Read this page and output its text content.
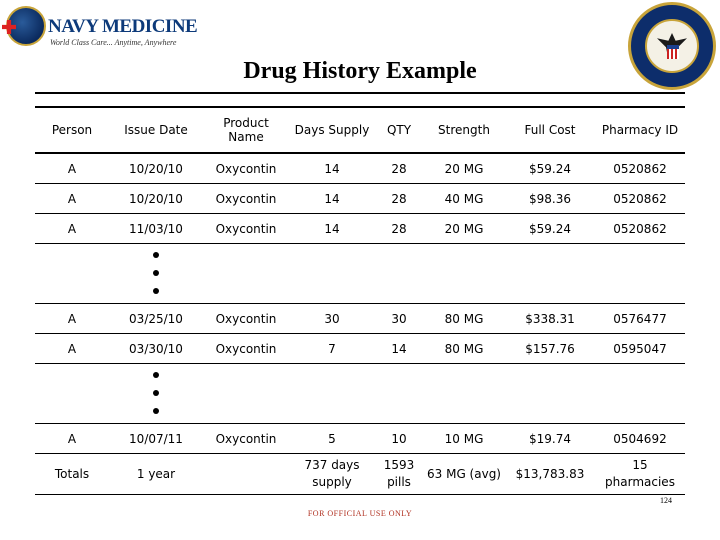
NAVY MEDICINE
World Class Care... Anytime, Anywhere
Drug History Example
Person	Issue Date	Product Name	Days Supply	QTY	Strength	Full Cost	Pharmacy ID
A	10/20/10	Oxycontin	14	28	20 MG	$59.24	0520862
A	10/20/10	Oxycontin	14	28	40 MG	$98.36	0520862
A	11/03/10	Oxycontin	14	28	20 MG	$59.24	0520862

A	03/25/10	Oxycontin	30	30	80 MG	$338.31	0576477
A	03/30/10	Oxycontin	7	14	80 MG	$157.76	0595047

A	10/07/11	Oxycontin	5	10	10 MG	$19.74	0504692
Totals	1 year		737 days supply	1593 pills	63 MG (avg)	$13,783.83	15 pharmacies
124
FOR OFFICIAL USE ONLY
